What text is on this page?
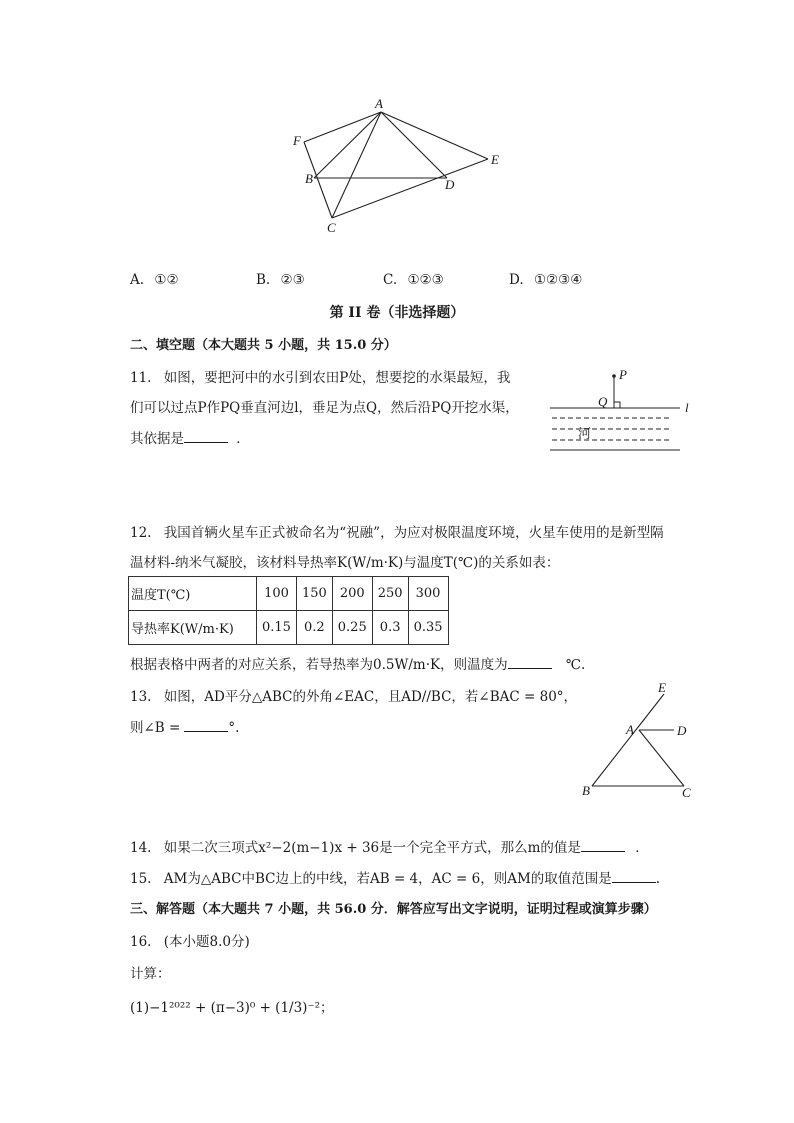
A
F
E
B	D
C
A. ①②	B. ②③	C. ①②③	D. ①②③④
第 II 卷（非选择题）
二、填空题（本大题共 5 小题，共 15.0 分）
11. 如图，要把河中的水引到农田P处，想要挖的水渠最短，我
们可以过点P作PQ垂直河边l，垂足为点Q，然后沿PQ开挖水渠，
其依据是	．
P
Q	l
河
12. 我国首辆火星车正式被命名为“祝融”，为应对极限温度环境，火星车使用的是新型隔
温材料-纳米气凝胶，该材料导热率K(W/m·K)与温度T(℃)的关系如表：
温度T(℃)	100	150	200	250	300
导热率K(W/m·K)	0.15	0.2	0.25	0.3	0.35
根据表格中两者的对应关系，若导热率为0.5W/m·K，则温度为	℃.
13. 如图，AD平分△ABC的外角∠EAC，且AD//BC，若∠BAC = 80°，
则∠B =	°.
E
A	D
B	C
14. 如果二次三项式x²−2(m−1)x + 36是一个完全平方式，那么m的值是	．
15. AM为△ABC中BC边上的中线，若AB = 4，AC = 6，则AM的取值范围是	.
三、解答题（本大题共 7 小题，共 56.0 分．解答应写出文字说明，证明过程或演算步骤）
16. (本小题8.0分)
计算：
(1)−1²⁰²² + (π−3)⁰ + (1/3)⁻²；
